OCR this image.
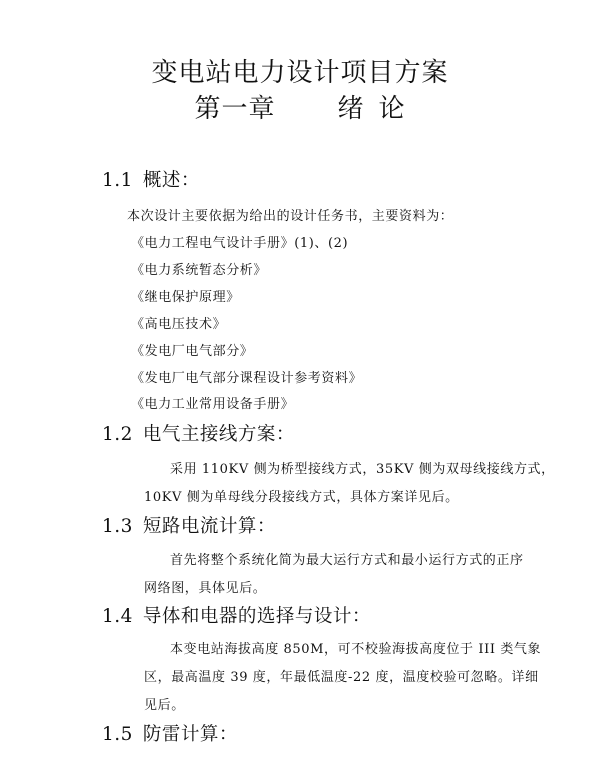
变电站电力设计项目方案
第一章 绪 论
1.1 概述：
本次设计主要依据为给出的设计任务书，主要资料为：
《电力工程电气设计手册》(1)、(2)
《电力系统暂态分析》
《继电保护原理》
《高电压技术》
《发电厂电气部分》
《发电厂电气部分课程设计参考资料》
《电力工业常用设备手册》
1.2 电气主接线方案：
采用 110KV 侧为桥型接线方式，35KV 侧为双母线接线方式，
10KV 侧为单母线分段接线方式，具体方案详见后。
1.3 短路电流计算：
首先将整个系统化简为最大运行方式和最小运行方式的正序
网络图，具体见后。
1.4 导体和电器的选择与设计：
本变电站海拔高度 850M，可不校验海拔高度位于 III 类气象
区，最高温度 39 度，年最低温度-22 度，温度校验可忽略。详细
见后。
1.5 防雷计算：
